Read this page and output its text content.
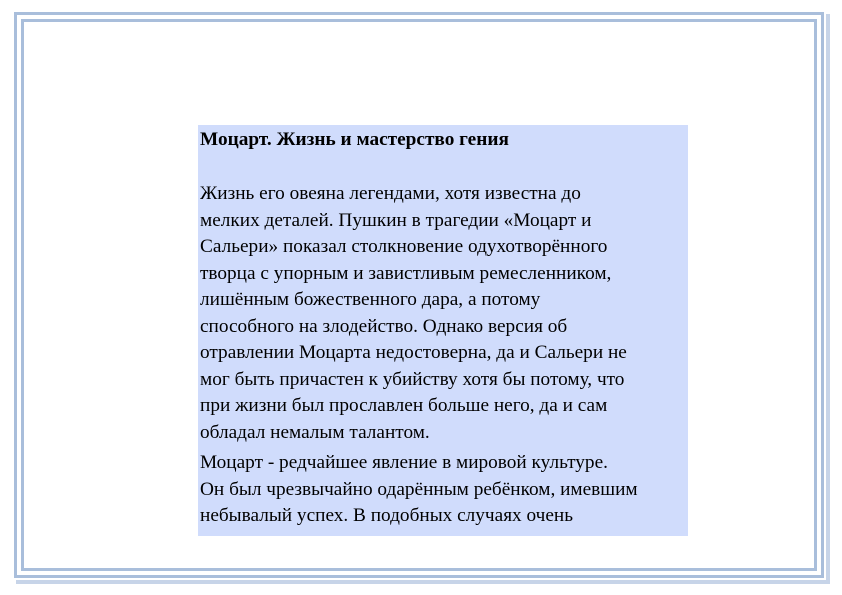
Моцарт. Жизнь и мастерство гения

Жизнь его овеяна легендами, хотя известна до
мелких деталей. Пушкин в трагедии «Моцарт и
Сальери» показал столкновение одухотворённого
творца с упорным и завистливым ремесленником,
лишённым божественного дара, а потому
способного на злодейство. Однако версия об
отравлении Моцарта недостоверна, да и Сальери не
мог быть причастен к убийству хотя бы потому, что
при жизни был прославлен больше него, да и сам
обладал немалым талантом.

Моцарт - редчайшее явление в мировой культуре.
Он был чрезвычайно одарённым ребёнком, имевшим
небывалый успех. В подобных случаях очень
